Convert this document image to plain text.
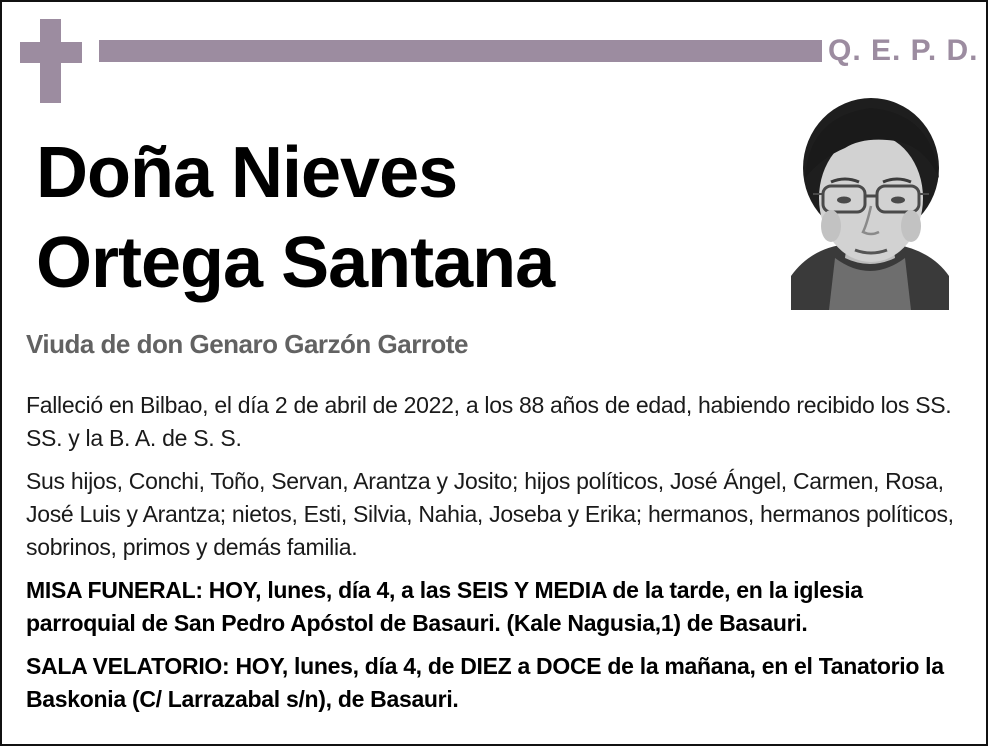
Q. E. P. D.
Doña Nieves
Ortega Santana
Viuda de don Genaro Garzón Garrote

Falleció en Bilbao, el día 2 de abril de 2022, a los 88 años de edad, habiendo recibido los SS. SS. y la B. A. de S. S.

Sus hijos, Conchi, Toño, Servan, Arantza y Josito; hijos políticos, José Ángel, Carmen, Rosa, José Luis y Arantza; nietos, Esti, Silvia, Nahia, Joseba y Erika; hermanos, hermanos políticos, sobrinos, primos y demás familia.

MISA FUNERAL: HOY, lunes, día 4, a las SEIS Y MEDIA de la tarde, en la iglesia parroquial de San Pedro Apóstol de Basauri. (Kale Nagusia,1) de Basauri.

SALA VELATORIO: HOY, lunes, día 4, de DIEZ a DOCE de la mañana, en el Tanatorio la Baskonia (C/ Larrazabal s/n), de Basauri.
